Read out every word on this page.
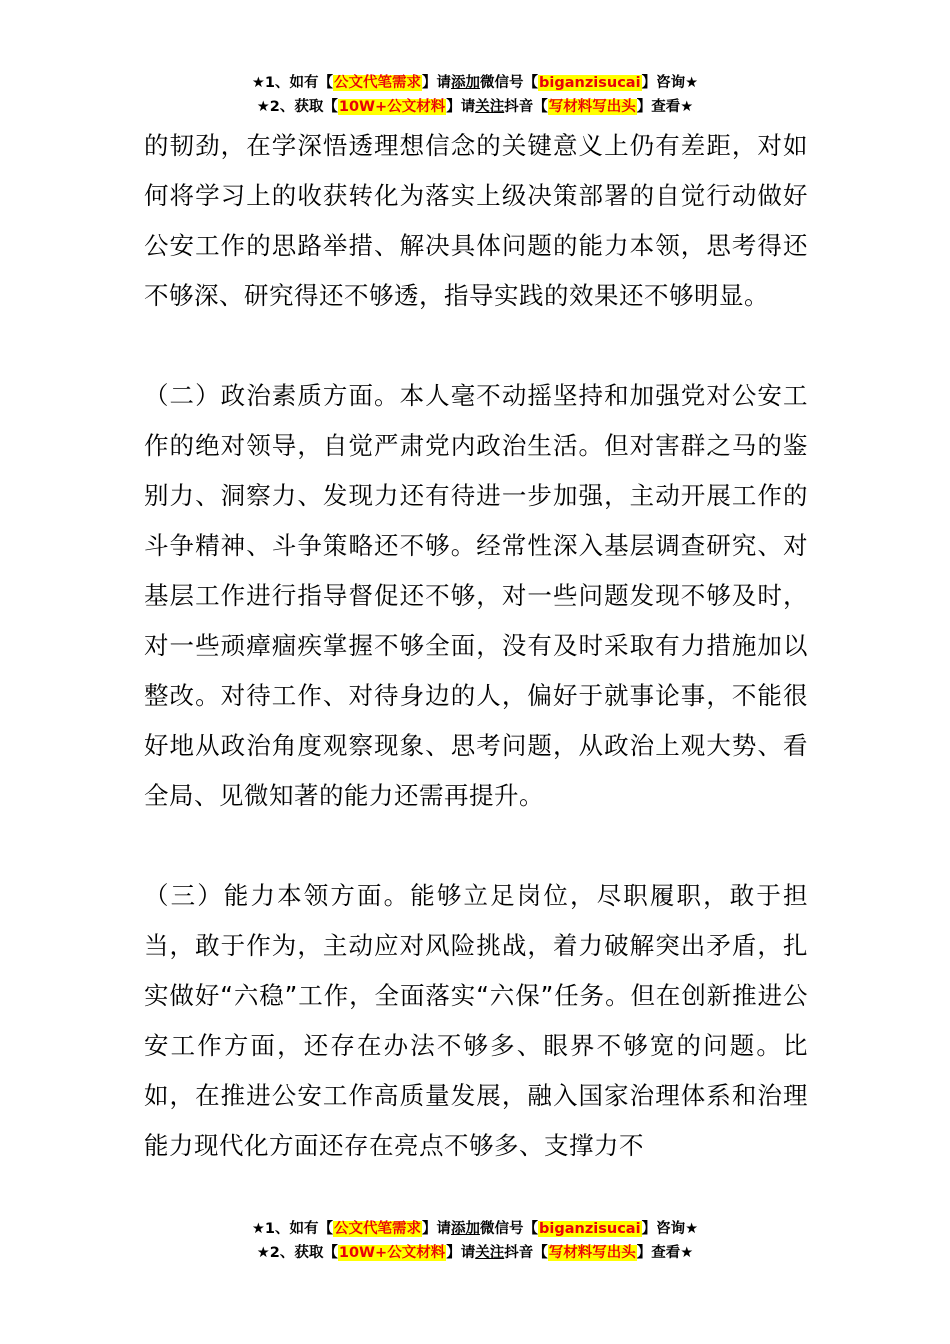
★1、如有【公文代笔需求】请添加微信号【biganzisucai】咨询★
★2、获取【10W+公文材料】请关注抖音【写材料写出头】查看★

的韧劲，在学深悟透理想信念的关键意义上仍有差距，对如何将学习上的收获转化为落实上级决策部署的自觉行动做好公安工作的思路举措、解决具体问题的能力本领，思考得还不够深、研究得还不够透，指导实践的效果还不够明显。

（二）政治素质方面。本人毫不动摇坚持和加强党对公安工作的绝对领导，自觉严肃党内政治生活。但对害群之马的鉴别力、洞察力、发现力还有待进一步加强，主动开展工作的斗争精神、斗争策略还不够。经常性深入基层调查研究、对基层工作进行指导督促还不够，对一些问题发现不够及时，对一些顽瘴痼疾掌握不够全面，没有及时采取有力措施加以整改。对待工作、对待身边的人，偏好于就事论事，不能很好地从政治角度观察现象、思考问题，从政治上观大势、看全局、见微知著的能力还需再提升。

（三）能力本领方面。能够立足岗位，尽职履职，敢于担当，敢于作为，主动应对风险挑战，着力破解突出矛盾，扎实做好“六稳”工作，全面落实“六保”任务。但在创新推进公安工作方面，还存在办法不够多、眼界不够宽的问题。比如，在推进公安工作高质量发展，融入国家治理体系和治理能力现代化方面还存在亮点不够多、支撑力不

★1、如有【公文代笔需求】请添加微信号【biganzisucai】咨询★
★2、获取【10W+公文材料】请关注抖音【写材料写出头】查看★
